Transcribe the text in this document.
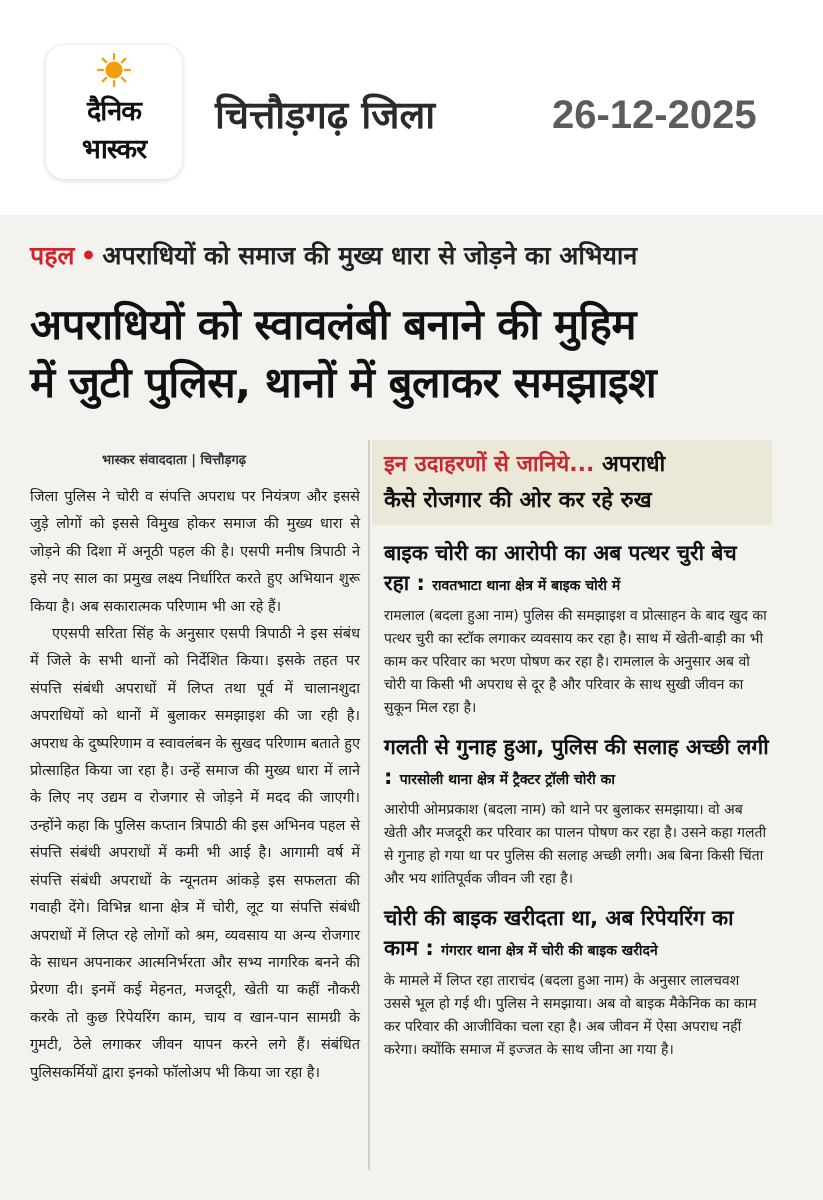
दैनिक
भास्कर
चित्तौड़गढ़ जिला	26-12-2025
पहल • अपराधियों को समाज की मुख्य धारा से जोड़ने का अभियान
अपराधियों को स्वावलंबी बनाने की मुहिम
में जुटी पुलिस, थानों में बुलाकर समझाइश
भास्कर संवाददाता | चित्तौड़गढ़

जिला पुलिस ने चोरी व संपत्ति अपराध पर नियंत्रण और इससे जुड़े लोगों को इससे विमुख होकर समाज की मुख्य धारा से जोड़ने की दिशा में अनूठी पहल की है। एसपी मनीष त्रिपाठी ने इसे नए साल का प्रमुख लक्ष्य निर्धारित करते हुए अभियान शुरू किया है। अब सकारात्मक परिणाम भी आ रहे हैं।

एएसपी सरिता सिंह के अनुसार एसपी त्रिपाठी ने इस संबंध में जिले के सभी थानों को निर्देशित किया। इसके तहत पर संपत्ति संबंधी अपराधों में लिप्त तथा पूर्व में चालानशुदा अपराधियों को थानों में बुलाकर समझाइश की जा रही है। अपराध के दुष्परिणाम व स्वावलंबन के सुखद परिणाम बताते हुए प्रोत्साहित किया जा रहा है। उन्हें समाज की मुख्य धारा में लाने के लिए नए उद्यम व रोजगार से जोड़ने में मदद की जाएगी। उन्होंने कहा कि पुलिस कप्तान त्रिपाठी की इस अभिनव पहल से संपत्ति संबंधी अपराधों में कमी भी आई है। आगामी वर्ष में संपत्ति संबंधी अपराधों के न्यूनतम आंकड़े इस सफलता की गवाही देंगे। विभिन्न थाना क्षेत्र में चोरी, लूट या संपत्ति संबंधी अपराधों में लिप्त रहे लोगों को श्रम, व्यवसाय या अन्य रोजगार के साधन अपनाकर आत्मनिर्भरता और सभ्य नागरिक बनने की प्रेरणा दी। इनमें कई मेहनत, मजदूरी, खेती या कहीं नौकरी करके तो कुछ रिपेयरिंग काम, चाय व खान-पान सामग्री के गुमटी, ठेले लगाकर जीवन यापन करने लगे हैं। संबंधित पुलिसकर्मियों द्वारा इनको फॉलोअप भी किया जा रहा है।

इन उदाहरणों से जानिये... अपराधी
कैसे रोजगार की ओर कर रहे रुख
बाइक चोरी का आरोपी का अब पत्थर चुरी बेच रहा : रावतभाटा थाना क्षेत्र में बाइक चोरी में
रामलाल (बदला हुआ नाम) पुलिस की समझाइश व प्रोत्साहन के बाद खुद का पत्थर चुरी का स्टॉक लगाकर व्यवसाय कर रहा है। साथ में खेती-बाड़ी का भी काम कर परिवार का भरण पोषण कर रहा है। रामलाल के अनुसार अब वो चोरी या किसी भी अपराध से दूर है और परिवार के साथ सुखी जीवन का सुकून मिल रहा है।
गलती से गुनाह हुआ, पुलिस की सलाह अच्छी लगी : पारसोली थाना क्षेत्र में ट्रैक्टर ट्रॉली चोरी का
आरोपी ओमप्रकाश (बदला नाम) को थाने पर बुलाकर समझाया। वो अब खेती और मजदूरी कर परिवार का पालन पोषण कर रहा है। उसने कहा गलती से गुनाह हो गया था पर पुलिस की सलाह अच्छी लगी। अब बिना किसी चिंता और भय शांतिपूर्वक जीवन जी रहा है।
चोरी की बाइक खरीदता था, अब रिपेयरिंग का काम : गंगरार थाना क्षेत्र में चोरी की बाइक खरीदने
के मामले में लिप्त रहा ताराचंद (बदला हुआ नाम) के अनुसार लालचवश उससे भूल हो गई थी। पुलिस ने समझाया। अब वो बाइक मैकेनिक का काम कर परिवार की आजीविका चला रहा है। अब जीवन में ऐसा अपराध नहीं करेगा। क्योंकि समाज में इज्जत के साथ जीना आ गया है।
